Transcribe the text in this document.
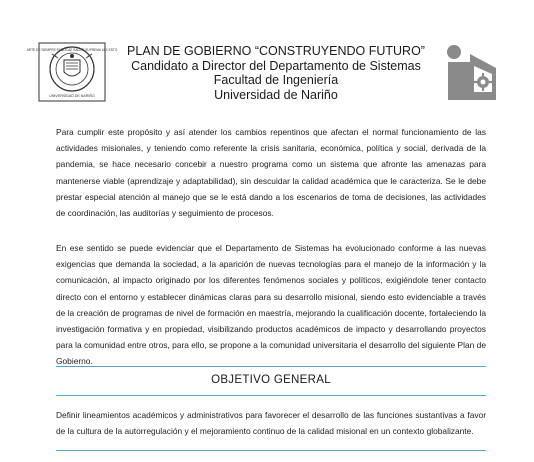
ARTE DE SIEMPRE PUBLICAE SALUTI SUPREMA LEX ESTO
UNIVERSIDAD DE NARIÑO
PLAN DE GOBIERNO “CONSTRUYENDO FUTURO”
Candidato a Director del Departamento de Sistemas
Facultad de Ingeniería
Universidad de Nariño
Para cumplir este propósito y así atender los cambios repentinos que afectan el normal funcionamiento de las actividades misionales, y teniendo como referente la crisis sanitaria, económica, política y social, derivada de la pandemia, se hace necesario concebir a nuestro programa como un sistema que afronte las amenazas para mantenerse viable (aprendizaje y adaptabilidad), sin descuidar la calidad académica que le caracteriza. Se le debe prestar especial atención al manejo que se le está dando a los escenarios de toma de decisiones, las actividades de coordinación, las auditorías y seguimiento de procesos.
En ese sentido se puede evidenciar que el Departamento de Sistemas ha evolucionado conforme a las nuevas exigencias que demanda la sociedad, a la aparición de nuevas tecnologías para el manejo de la información y la comunicación, al impacto originado por los diferentes fenómenos sociales y políticos, exigiéndole tener contacto directo con el entorno y establecer dinámicas claras para su desarrollo misional, siendo esto evidenciable a través de la creación de programas de nivel de formación en maestría, mejorando la cualificación docente, fortaleciendo la investigación formativa y en propiedad, visibilizando productos académicos de impacto y desarrollando proyectos para la comunidad entre otros, para ello, se propone a la comunidad universitaria el desarrollo del siguiente Plan de Gobierno.
OBJETIVO GENERAL
Definir lineamientos académicos y administrativos para favorecer el desarrollo de las funciones sustantivas a favor de la cultura de la autorregulación y el mejoramiento continuo de la calidad misional en un contexto globalizante.
